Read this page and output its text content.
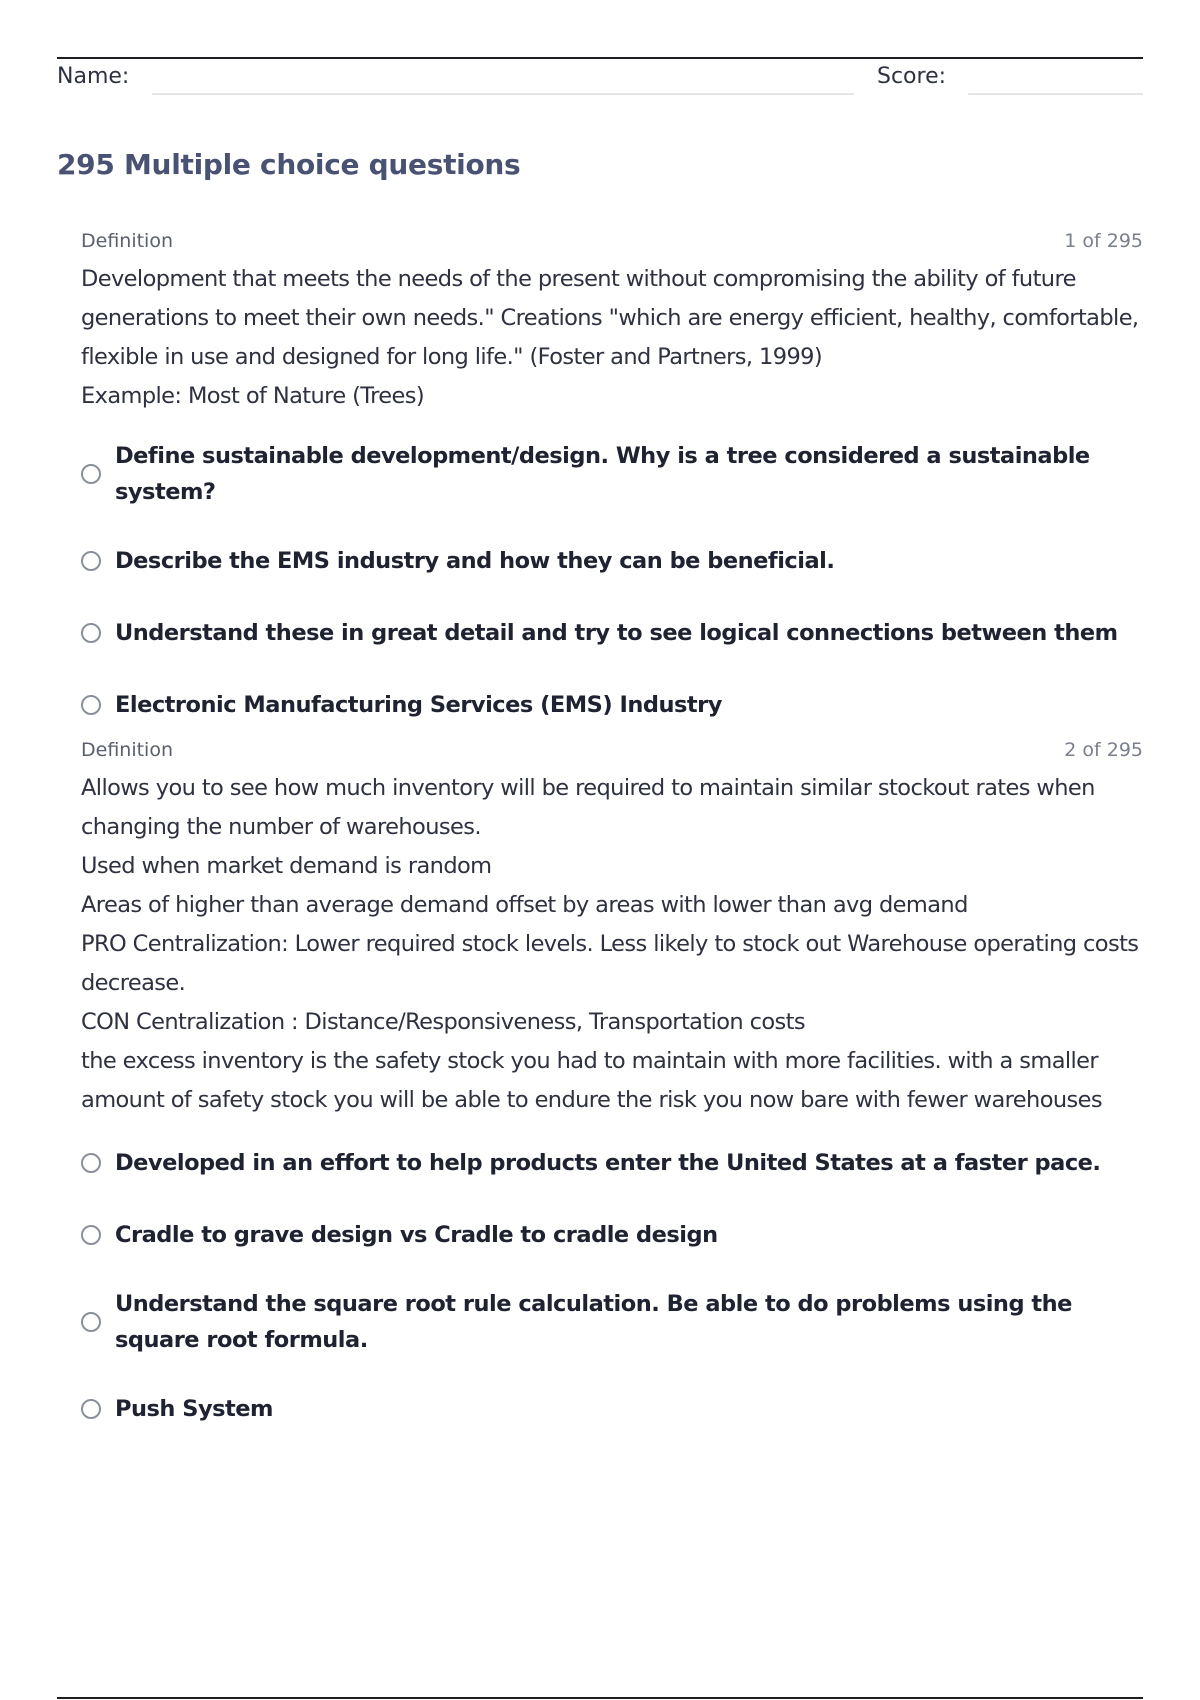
Name:	Score:
295 Multiple choice questions
Definition	1 of 295

Development that meets the needs of the present without compromising the ability of future generations to meet their own needs." Creations "which are energy efficient, healthy, comfortable, flexible in use and designed for long life." (Foster and Partners, 1999)

Example: Most of Nature (Trees)

Define sustainable development/design. Why is a tree considered a sustainable system?
Describe the EMS industry and how they can be beneficial.
Understand these in great detail and try to see logical connections between them
Electronic Manufacturing Services (EMS) Industry
Definition	2 of 295

Allows you to see how much inventory will be required to maintain similar stockout rates when changing the number of warehouses.

Used when market demand is random

Areas of higher than average demand offset by areas with lower than avg demand

PRO Centralization: Lower required stock levels. Less likely to stock out Warehouse operating costs decrease.

CON Centralization : Distance/Responsiveness, Transportation costs

the excess inventory is the safety stock you had to maintain with more facilities. with a smaller amount of safety stock you will be able to endure the risk you now bare with fewer warehouses

Developed in an effort to help products enter the United States at a faster pace.
Cradle to grave design vs Cradle to cradle design
Understand the square root rule calculation. Be able to do problems using the square root formula.
Push System
